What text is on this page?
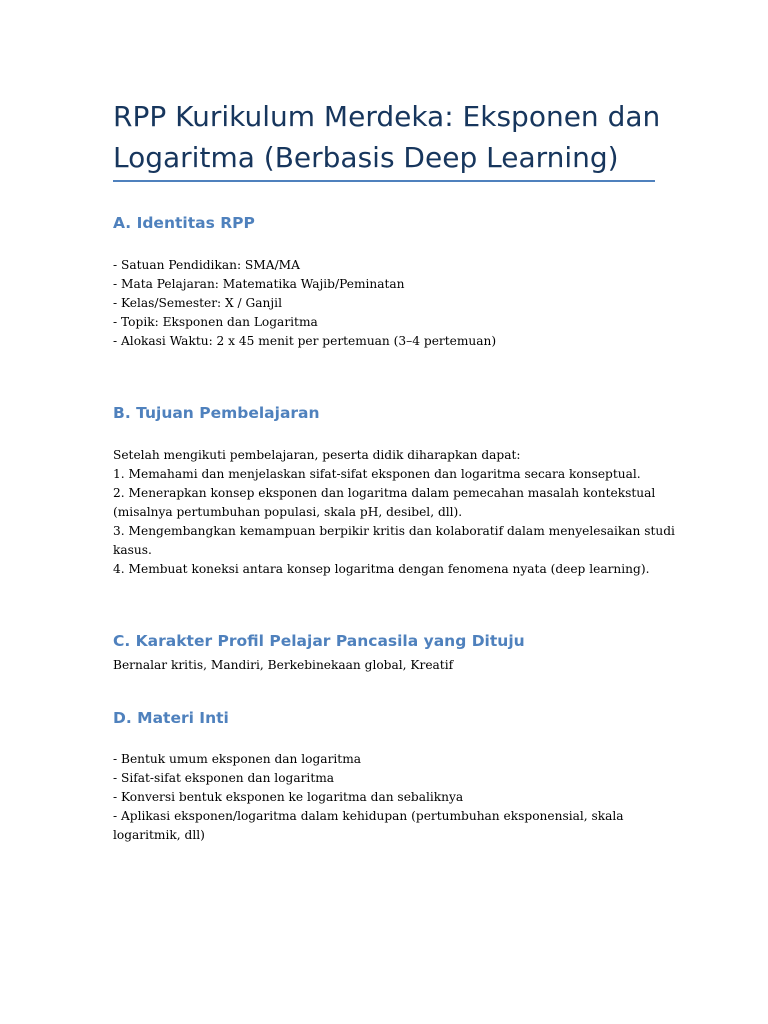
RPP Kurikulum Merdeka: Eksponen dan
Logaritma (Berbasis Deep Learning)
A. Identitas RPP
- Satuan Pendidikan: SMA/MA
- Mata Pelajaran: Matematika Wajib/Peminatan
- Kelas/Semester: X / Ganjil
- Topik: Eksponen dan Logaritma
- Alokasi Waktu: 2 x 45 menit per pertemuan (3–4 pertemuan)
B. Tujuan Pembelajaran
Setelah mengikuti pembelajaran, peserta didik diharapkan dapat:
1. Memahami dan menjelaskan sifat-sifat eksponen dan logaritma secara konseptual.
2. Menerapkan konsep eksponen dan logaritma dalam pemecahan masalah kontekstual
(misalnya pertumbuhan populasi, skala pH, desibel, dll).
3. Mengembangkan kemampuan berpikir kritis dan kolaboratif dalam menyelesaikan studi
kasus.
4. Membuat koneksi antara konsep logaritma dengan fenomena nyata (deep learning).
C. Karakter Profil Pelajar Pancasila yang Dituju
Bernalar kritis, Mandiri, Berkebinekaan global, Kreatif
D. Materi Inti
- Bentuk umum eksponen dan logaritma
- Sifat-sifat eksponen dan logaritma
- Konversi bentuk eksponen ke logaritma dan sebaliknya
- Aplikasi eksponen/logaritma dalam kehidupan (pertumbuhan eksponensial, skala
logaritmik, dll)
